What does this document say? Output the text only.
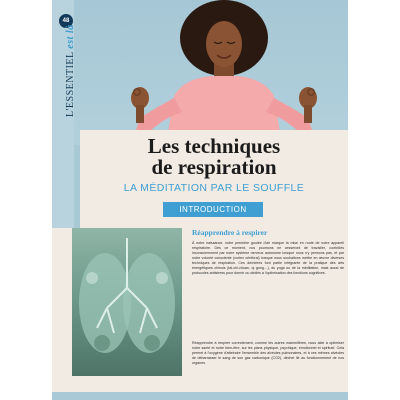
48
L'ESSENTIEL est là
Les techniques
de respiration

LA MÉDITATION PAR LE SOUFFLE

INTRODUCTION
Réapprendre à respirer

À notre naissance, notre première goulée d'air marque la mise en route de notre appareil respiratoire. Dès ce moment, nos poumons ne cesseront de travailler, contrôlés inconsciemment par notre système nerveux autonome lorsque nous n'y pensons pas, et par notre volonté consciente (cortex cérébral) lorsque nous souhaitons mettre en œuvre diverses techniques de respiration. Ces dernières font partie intégrante de la pratique des arts énergétiques chinois (tai-chi-chuan, qi gong…), du yoga ou de la méditation, mais aussi de protocoles antistress pour dormir ou dédiés à l'optimisation des fonctions cognitives.

Réapprendre à respirer correctement, comme les autres mammifères, nous aide à optimiser notre santé et notre bien-être, sur les plans physique, psychique, émotionnel et spirituel. Cela permet à l'oxygène d'atteindre l'ensemble des alvéoles pulmonaires, et à ces mêmes alvéoles de débarrasser le sang de son gaz carbonique (CO2), déchet lié au fonctionnement de nos organes.
